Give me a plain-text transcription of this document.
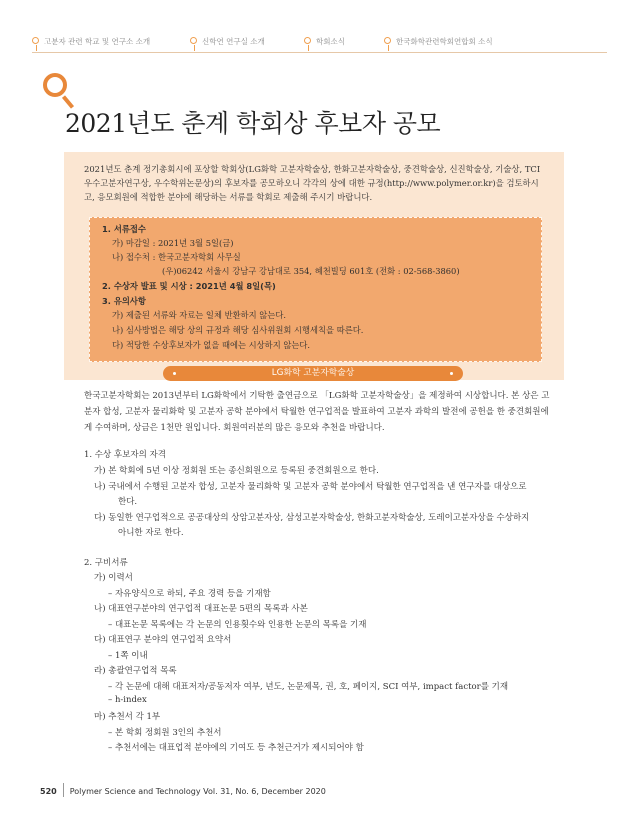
고분자 관련 학교 및 연구소 소개	신학연 연구실 소개	학회소식	한국화학관련학회연합회 소식
2021년도 춘계 학회상 후보자 공모
2021년도 춘계 정기총회시에 포상할 학회상(LG화학 고분자학술상, 한화고분자학술상, 중견학술상, 신진학술상, 기술상, TCI 우수고분자연구상, 우수학위논문상)의 후보자를 공모하오니 각각의 상에 대한 규정(http://www.polymer.or.kr)을 검토하시고, 응모회원에 적합한 분야에 해당하는 서류를 학회로 제출해 주시기 바랍니다.
1. 서류접수
가) 마감일 : 2021년 3월 5일(금)
나) 접수처 : 한국고분자학회 사무실
(우)06242 서울시 강남구 강남대로 354, 혜천빌딩 601호 (전화 : 02-568-3860)
2. 수상자 발표 및 시상 : 2021년 4월 8일(목)
3. 유의사항
가) 제출된 서류와 자료는 일체 반환하지 않는다.
나) 심사방법은 해당 상의 규정과 해당 심사위원회 시행세칙을 따른다.
다) 적당한 수상후보자가 없을 때에는 시상하지 않는다.
LG화학 고분자학술상
한국고분자학회는 2013년부터 LG화학에서 기탁한 출연금으로 「LG화학 고분자학술상」을 제정하여 시상합니다. 본 상은 고분자 합성, 고분자 물리화학 및 고분자 공학 분야에서 탁월한 연구업적을 발표하여 고분자 과학의 발전에 공헌을 한 중견회원에게 수여하며, 상금은 1천만 원입니다. 회원여러분의 많은 응모와 추천을 바랍니다.
1. 수상 후보자의 자격
가) 본 학회에 5년 이상 정회원 또는 종신회원으로 등록된 중견회원으로 한다.
나) 국내에서 수행된 고분자 합성, 고분자 물리화학 및 고분자 공학 분야에서 탁월한 연구업적을 낸 연구자를 대상으로
한다.
다) 동일한 연구업적으로 공공대상의 상암고분자상, 삼성고분자학술상, 한화고분자학술상, 도레이고분자상을 수상하지
아니한 자로 한다.
2. 구비서류
가) 이력서
– 자유양식으로 하되, 주요 경력 등을 기재함
나) 대표연구분야의 연구업적 대표논문 5편의 목록과 사본
– 대표논문 목록에는 각 논문의 인용횟수와 인용한 논문의 목록을 기재
다) 대표연구 분야의 연구업적 요약서
– 1쪽 이내
라) 총괄연구업적 목록
– 각 논문에 대해 대표저자/공동저자 여부, 년도, 논문제목, 권, 호, 페이지, SCI 여부, impact factor를 기재
– h-index
마) 추천서 각 1부
– 본 학회 정회원 3인의 추천서
– 추천서에는 대표업적 분야에의 기여도 등 추천근거가 제시되어야 함
520 Polymer Science and Technology Vol. 31, No. 6, December 2020
